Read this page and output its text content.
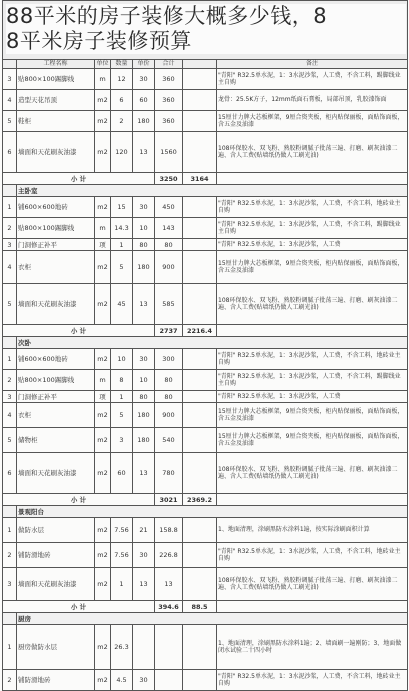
88平米的房子装修大概多少钱，8
8平米房子装修预算

	工程名称	单位	数量	单价	合计		备注
3	贴800×100踢脚线	m	12	30	360		"青阳" R32.5单水泥，1：3水泥沙浆，人工费，不含工料，踢脚线业主自购
4	造型天花吊顶	m2	6	60	360		龙骨：25.5K方子，12mm纸面石膏板，局部吊顶，乳胶漆饰面
5	鞋柜	m2	2	180	360		15厘甘力牌大芯板框架，9厘合资夹板，柜内贴保丽板，面贴饰面板，含五金及油漆
6	墙面和天花刷灰油漆	m2	120	13	1560		108环保胶水、双飞粉、熟胶粉调腻子批荡三遍、打磨、刷灰油漆二遍、含人工费(贴墙纸仍做人工刷光油)
小 计					3250	3164	
	主卧室						
1	铺600×600地砖	m2	15	30	450		"青阳" R32.5单水泥，1：3水泥沙浆，人工费，不含工料，地砖业主自购
2	贴800×100踢脚线	m	14.3	10	143		"青阳" R32.5单水泥，1：3水泥沙浆，人工费，不含工料，踢脚线业主自购
3	门洞修正补平	项	1	80	80		"青阳" R32.5单水泥，1：3水泥沙浆，人工费
4	衣柜	m2	5	180	900		15厘甘力牌大芯板框架，9厘合资夹板，柜内贴保丽板，面贴饰面板，含五金及油漆
5	墙面和天花刷灰油漆	m2	45	13	585		108环保胶水、双飞粉、熟胶粉调腻子批荡三遍、打磨、刷灰油漆二遍、含人工费(贴墙纸仍做人工刷光油)
小 计					2737	2216.4	
	次卧						
1	铺600×600地砖	m2	10	30	300		"青阳" R32.5单水泥，1：3水泥沙浆，人工费，不含工料，地砖业主自购
2	贴800×100踢脚线	m	8	10	80		"青阳" R32.5单水泥，1：3水泥沙浆，人工费，不含工料，踢脚线业主自购
3	门洞修正补平	项	1	80	80		"青阳" R32.5单水泥，1：3水泥沙浆，人工费
4	衣柜	m2	5	180	900		15厘甘力牌大芯板框架，9厘合资夹板，柜内贴保丽板，面贴饰面板，含五金及油漆
5	储物柜	m2	3	180	540		15厘甘力牌大芯板框架，9厘合资夹板，柜内贴保丽板，面贴饰面板，含五金及油漆
6	墙面和天花刷灰油漆	m2	60	13	780		108环保胶水、双飞粉、熟胶粉调腻子批荡三遍、打磨、刷灰油漆二遍、含人工费(贴墙纸仍做人工刷光油)
小 计					3021	2369.2	
	景观阳台						
1	做防水层	m2	7.56	21	158.8		1、地面清理，涂刷黑防水涂料1遍，按实际涂刷面积计算
2	铺防滑地砖	m2	7.56	30	226.8		"青阳" R32.5单水泥，1：3水泥沙浆，人工费，不含工料，地砖业主自购
3	墙面和天花刷灰油漆	m2	1	13	13		108环保胶水、双飞粉、熟胶粉调腻子批荡三遍、打磨、刷灰油漆二遍、含人工费(贴墙纸仍做人工刷光油)
小 计					394.6	88.5	
	厨房						
1	厨房做防水层	m2	26.3				1、地面清理，涂刷黑防水涂料1遍；2、墙面刷一遍刚防；3、地面做闭水试验二十四小时
2	铺防滑地砖	m2	4.5	30			"青阳" R32.5单水泥，1：3水泥沙浆，人工费，不含工料，地砖业主自购
